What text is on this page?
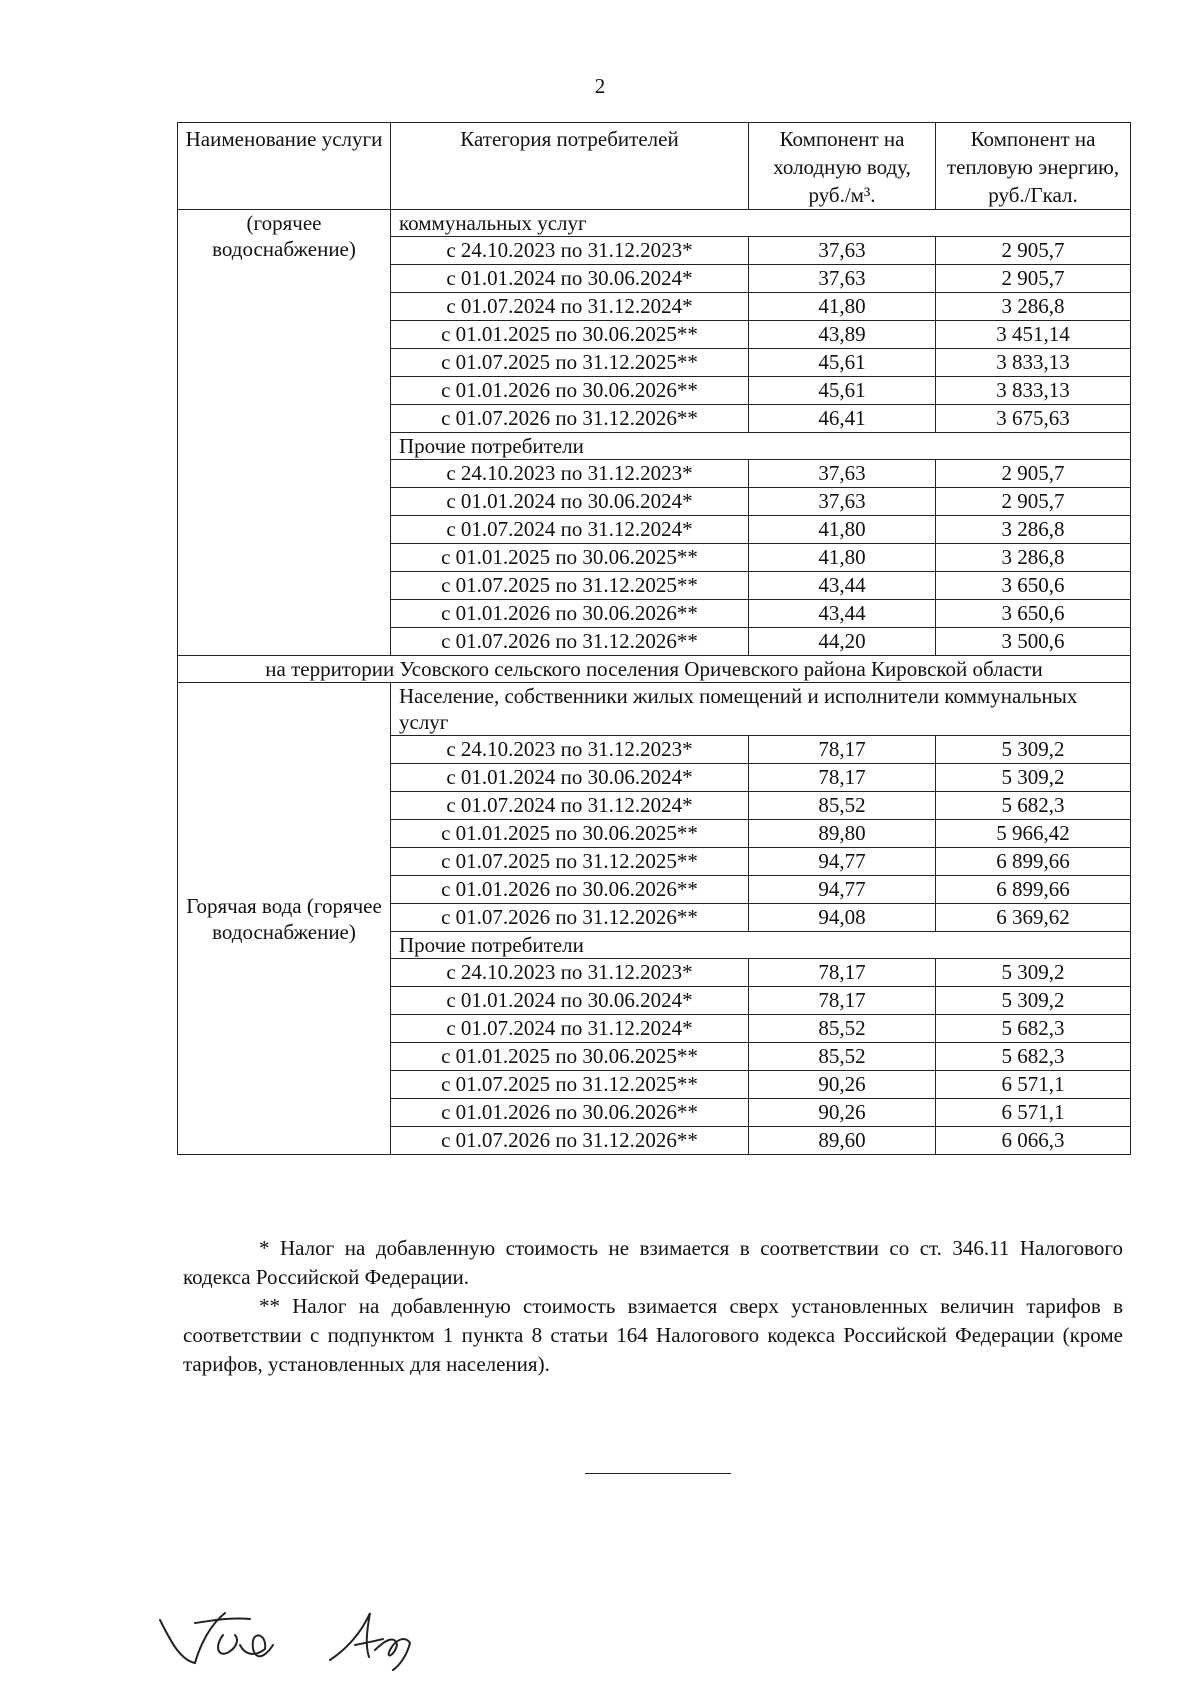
2
Наименование услуги	Категория потребителей	Компонент на холодную воду, руб./м³.	Компонент на тепловую энергию, руб./Гкал.
(горячее водоснабжение)	коммунальных услуг		
	с 24.10.2023 по 31.12.2023*	37,63	2 905,7
	с 01.01.2024 по 30.06.2024*	37,63	2 905,7
	с 01.07.2024 по 31.12.2024*	41,80	3 286,8
	с 01.01.2025 по 30.06.2025**	43,89	3 451,14
	с 01.07.2025 по 31.12.2025**	45,61	3 833,13
	с 01.01.2026 по 30.06.2026**	45,61	3 833,13
	с 01.07.2026 по 31.12.2026**	46,41	3 675,63
	Прочие потребители		
	с 24.10.2023 по 31.12.2023*	37,63	2 905,7
	с 01.01.2024 по 30.06.2024*	37,63	2 905,7
	с 01.07.2024 по 31.12.2024*	41,80	3 286,8
	с 01.01.2025 по 30.06.2025**	41,80	3 286,8
	с 01.07.2025 по 31.12.2025**	43,44	3 650,6
	с 01.01.2026 по 30.06.2026**	43,44	3 650,6
	с 01.07.2026 по 31.12.2026**	44,20	3 500,6
на территории Усовского сельского поселения Оричевского района Кировской области			
Горячая вода (горячее водоснабжение)	Население, собственники жилых помещений и исполнители коммунальных услуг		
	с 24.10.2023 по 31.12.2023*	78,17	5 309,2
	с 01.01.2024 по 30.06.2024*	78,17	5 309,2
	с 01.07.2024 по 31.12.2024*	85,52	5 682,3
	с 01.01.2025 по 30.06.2025**	89,80	5 966,42
	с 01.07.2025 по 31.12.2025**	94,77	6 899,66
	с 01.01.2026 по 30.06.2026**	94,77	6 899,66
	с 01.07.2026 по 31.12.2026**	94,08	6 369,62
	Прочие потребители		
	с 24.10.2023 по 31.12.2023*	78,17	5 309,2
	с 01.01.2024 по 30.06.2024*	78,17	5 309,2
	с 01.07.2024 по 31.12.2024*	85,52	5 682,3
	с 01.01.2025 по 30.06.2025**	85,52	5 682,3
	с 01.07.2025 по 31.12.2025**	90,26	6 571,1
	с 01.01.2026 по 30.06.2026**	90,26	6 571,1
	с 01.07.2026 по 31.12.2026**	89,60	6 066,3

* Налог на добавленную стоимость не взимается в соответствии со ст. 346.11 Налогового кодекса Российской Федерации.

** Налог на добавленную стоимость взимается сверх установленных величин тарифов в соответствии с подпунктом 1 пункта 8 статьи 164 Налогового кодекса Российской Федерации (кроме тарифов, установленных для населения).
